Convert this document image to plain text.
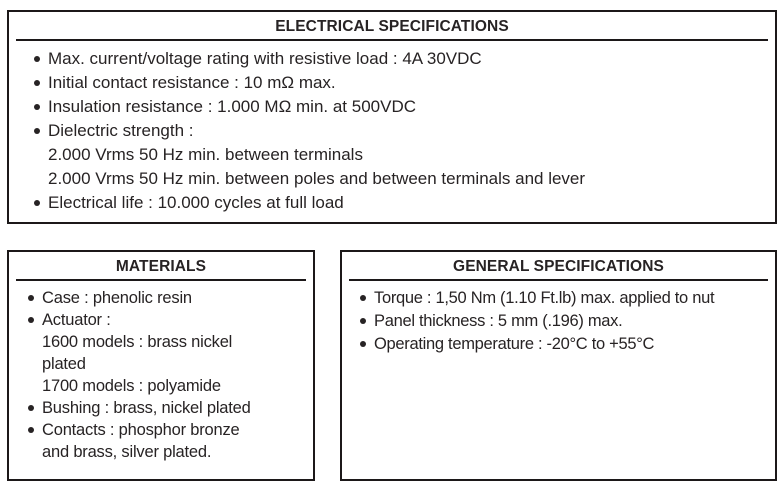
ELECTRICAL SPECIFICATIONS
Max. current/voltage rating with resistive load : 4A 30VDC
Initial contact resistance : 10 mΩ max.
Insulation resistance : 1.000 MΩ min. at 500VDC
Dielectric strength :
2.000 Vrms 50 Hz min. between terminals
2.000 Vrms 50 Hz min. between poles and between terminals and lever
Electrical life : 10.000 cycles at full load
MATERIALS
Case : phenolic resin
Actuator :
1600 models : brass nickel
plated
1700 models : polyamide
Bushing : brass, nickel plated
Contacts : phosphor bronze
and brass, silver plated.
GENERAL SPECIFICATIONS
Torque : 1,50 Nm (1.10 Ft.lb) max. applied to nut
Panel thickness : 5 mm (.196) max.
Operating temperature : -20°C to +55°C
